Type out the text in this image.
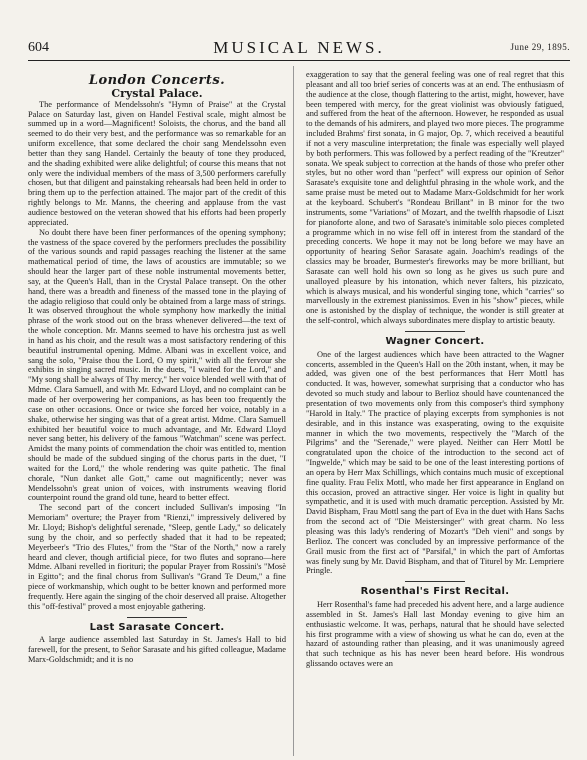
604	MUSICAL NEWS.	June 29, 1895.
London Concerts.
Crystal Palace.

The performance of Mendelssohn's "Hymn of Praise" at the Crystal Palace on Saturday last, given on Handel Festival scale, might almost be summed up in a word—Magnificent! Soloists, the chorus, and the band all seemed to do their very best, and the performance was so remarkable for an uniform excellence, that some declared the choir sang Mendelssohn even better than they sang Handel. Certainly the beauty of tone they produced, and the shading exhibited were alike delightful; of course this means that not only were the individual members of the mass of 3,500 performers carefully chosen, but that diligent and painstaking rehearsals had been held in order to bring them up to the perfection attained. The major part of the credit of this rightly belongs to Mr. Manns, the cheering and applause from the vast audience bestowed on the veteran showed that his efforts had been properly appreciated.

No doubt there have been finer performances of the opening symphony; the vastness of the space covered by the performers precludes the possibility of the various sounds and rapid passages reaching the listener at the same mathematical period of time, the laws of acoustics are immutable; so we should hear the larger part of these noble instrumental movements better, say, at the Queen's Hall, than in the Crystal Palace transept. On the other hand, there was a breadth and fineness of the massed tone in the playing of the adagio religioso that could only be obtained from a large mass of strings. It was observed throughout the whole symphony how markedly the initial phrase of the work stood out on the brass whenever delivered—the text of the whole conception. Mr. Manns seemed to have his orchestra just as well in hand as his choir, and the result was a most satisfactory rendering of this beautiful instrumental opening. Mdme. Albani was in excellent voice, and sang the solo, "Praise thou the Lord, O my spirit," with all the fervour she exhibits in singing sacred music. In the duets, "I waited for the Lord," and "My song shall be always of Thy mercy," her voice blended well with that of Mdme. Clara Samuell, and with Mr. Edward Lloyd, and no complaint can be made of her overpowering her companions, as has been too frequently the case on other occasions. Once or twice she forced her voice, notably in a shake, otherwise her singing was that of a great artist. Mdme. Clara Samuell exhibited her beautiful voice to much advantage, and Mr. Edward Lloyd never sang better, his delivery of the famous "Watchman" scene was perfect. Amidst the many points of commendation the choir was entitled to, mention should be made of the subdued singing of the chorus parts in the duet, "I waited for the Lord," the whole rendering was quite pathetic. The final chorale, "Nun danket alle Gott," came out magnificently; never was Mendelssohn's great union of voices, with instruments weaving florid counterpoint round the grand old tune, heard to better effect.

The second part of the concert included Sullivan's imposing "In Memoriam" overture; the Prayer from "Rienzi," impressively delivered by Mr. Lloyd; Bishop's delightful serenade, "Sleep, gentle Lady," so delicately sung by the choir, and so perfectly shaded that it had to be repeated; Meyerbeer's "Trio des Flutes," from the "Star of the North," now a rarely heard and clever, though artificial piece, for two flutes and soprano—here Mdme. Albani revelled in fioriturі; the popular Prayer from Rossini's "Mosè in Egitto"; and the final chorus from Sullivan's "Grand Te Deum," a fine piece of workmanship, which ought to be better known and performed more frequently. Here again the singing of the choir deserved all praise. Altogether this "off-festival" proved a most enjoyable gathering.

Last Sarasate Concert.

A large audience assembled last Saturday in St. James's Hall to bid farewell, for the present, to Señor Sarasate and his gifted colleague, Madame Marx-Goldschmidt; and it is no

exaggeration to say that the general feeling was one of real regret that this pleasant and all too brief series of concerts was at an end. The enthusiasm of the audience at the close, though flattering to the artist, might, however, have been tempered with mercy, for the great violinist was obviously fatigued, and suffered from the heat of the afternoon. However, he responded as usual to the demands of his admirers, and played two more pieces. The programme included Brahms' first sonata, in G major, Op. 7, which received a beautiful if not a very masculine interpretation; the finale was especially well played by both performers. This was followed by a perfect reading of the "Kreutzer" sonata. We speak subject to correction at the hands of those who prefer other styles, but no other word than "perfect" will express our opinion of Señor Sarasate's exquisite tone and delightful phrasing in the whole work, and the same praise must be meted out to Madame Marx-Goldschmidt for her work at the keyboard. Schubert's "Rondeau Brillant" in B minor for the two instruments, some "Variations" of Mozart, and the twelfth rhapsodie of Liszt for pianoforte alone, and two of Sarasate's inimitable solo pieces completed a programme which in no wise fell off in interest from the standard of the preceding concerts. We hope it may not be long before we may have an opportunity of hearing Señor Sarasate again. Joachim's readings of the classics may be broader, Burmester's fireworks may be more brilliant, but Sarasate can well hold his own so long as he gives us such pure and unalloyed pleasure by his intonation, which never falters, his pizzicato, which is always musical, and his wonderful singing tone, which "carries" so marvellously in the extremest pianissimos. Even in his "show" pieces, while one is astonished by the display of technique, the wonder is still greater at the self-control, which always subordinates mere display to artistic beauty.

Wagner Concert.

One of the largest audiences which have been attracted to the Wagner concerts, assembled in the Queen's Hall on the 20th instant, when, it may be added, was given one of the best performances that Herr Mottl has conducted. It was, however, somewhat surprising that a conductor who has devoted so much study and labour to Berlioz should have countenanced the presentation of two movements only from this composer's third symphony "Harold in Italy." The practice of playing excerpts from symphonies is not desirable, and in this instance was exasperating, owing to the exquisite manner in which the two movements, respectively the "March of the Pilgrims" and the "Serenade," were played. Neither can Herr Mottl be congratulated upon the choice of the introduction to the second act of "Ingwelde," which may be said to be one of the least interesting portions of an opera by Herr Max Schillings, which contains much music of exceptional fine quality. Frau Felix Mottl, who made her first appearance in England on this occasion, proved an attractive singer. Her voice is light in quality but sympathetic, and it is used with much dramatic perception. Assisted by Mr. David Bispham, Frau Mottl sang the part of Eva in the duet with Hans Sachs from the second act of "Die Meistersinger" with great charm. No less pleasing was this lady's rendering of Mozart's "Deh vieni" and songs by Berlioz. The concert was concluded by an impressive performance of the Grail music from the first act of "Parsifal," in which the part of Amfortas was finely sung by Mr. David Bispham, and that of Titurel by Mr. Lempriere Pringle.

Rosenthal's First Recital.

Herr Rosenthal's fame had preceded his advent here, and a large audience assembled in St. James's Hall last Monday evening to give him an enthusiastic welcome. It was, perhaps, natural that he should have selected his first programme with a view of showing us what he can do, even at the hazard of astounding rather than pleasing, and it was unanimously agreed that such technique as his has never been heard before. His wondrous glissando octaves were an
